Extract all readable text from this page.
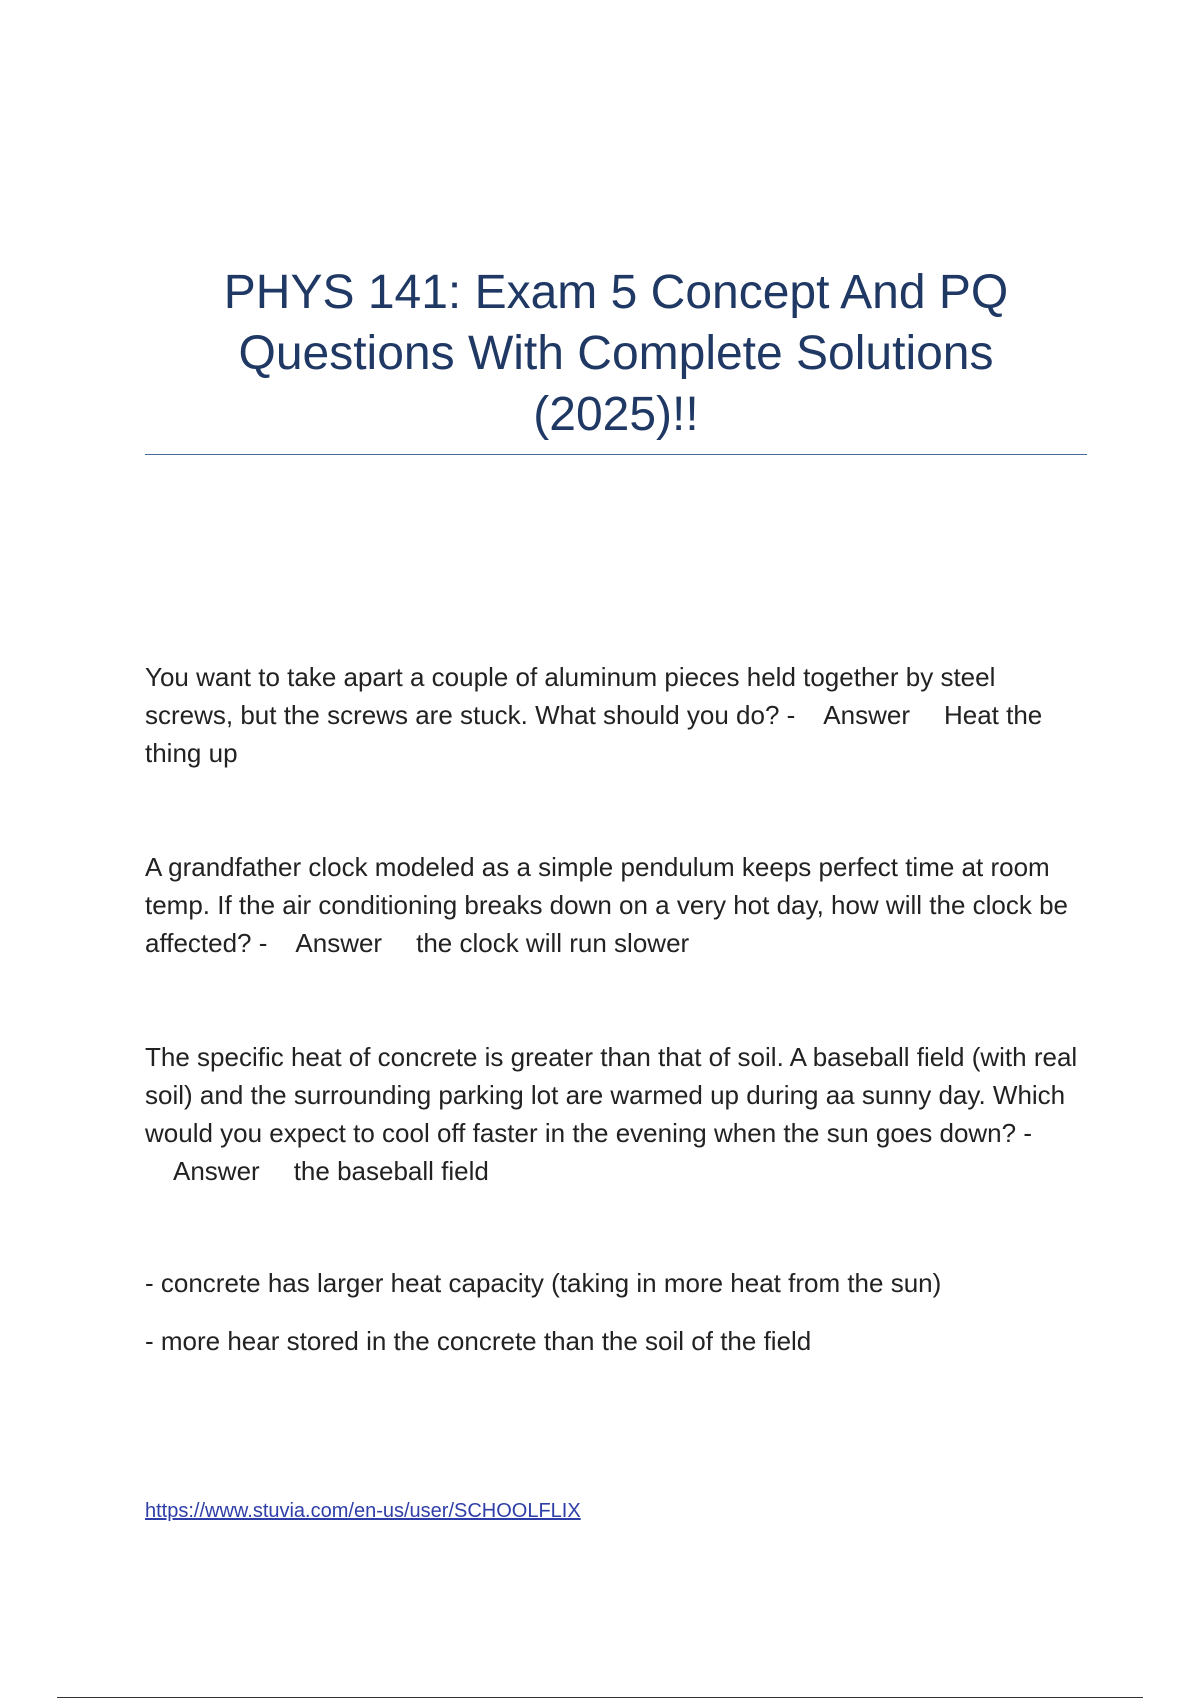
PHYS 141: Exam 5 Concept And PQ
Questions With Complete Solutions
(2025)!!

You want to take apart a couple of aluminum pieces held together by steel screws, but the screws are stuck. What should you do? - Answer Heat the thing up

A grandfather clock modeled as a simple pendulum keeps perfect time at room temp. If the air conditioning breaks down on a very hot day, how will the clock be affected? - Answer the clock will run slower

The specific heat of concrete is greater than that of soil. A baseball field (with real soil) and the surrounding parking lot are warmed up during aa sunny day. Which would you expect to cool off faster in the evening when the sun goes down? -Answer the baseball field

- concrete has larger heat capacity (taking in more heat from the sun)
- more hear stored in the concrete than the soil of the field
https://www.stuvia.com/en-us/user/SCHOOLFLIX
